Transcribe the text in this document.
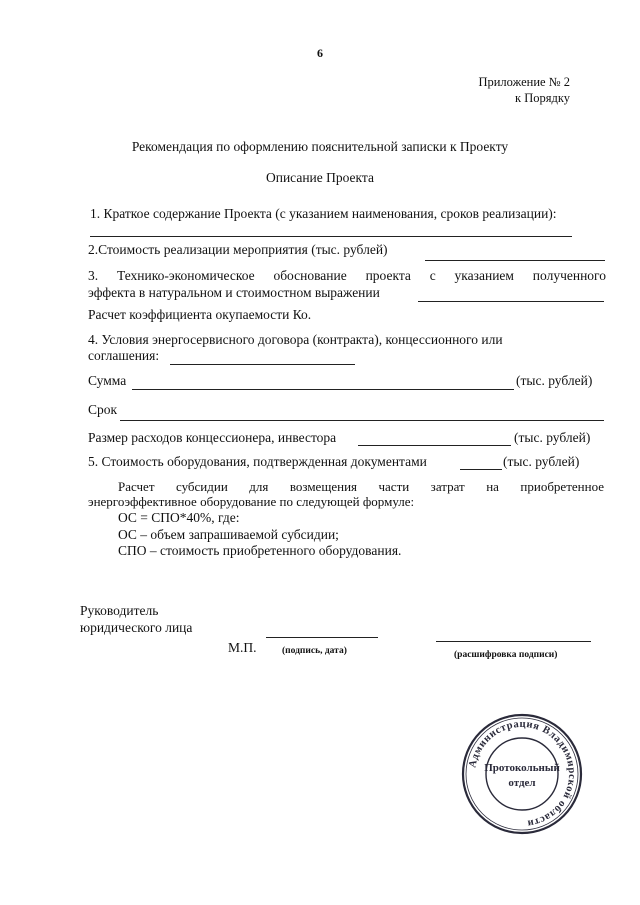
6
Приложение № 2
к Порядку
Рекомендация по оформлению пояснительной записки к Проекту
Описание Проекта
1. Краткое содержание Проекта (с указанием наименования, сроков реализации):
2.Стоимость реализации мероприятия (тыс. рублей)
3. Технико-экономическое обоснование проекта с указанием полученного
эффекта в натуральном и стоимостном выражении
Расчет коэффициента окупаемости Ко.
4. Условия энергосервисного договора (контракта), концессионного или
соглашения:
Сумма	(тыс. рублей)
Срок
Размер расходов концессионера, инвестора	(тыс. рублей)
5. Стоимость оборудования, подтвержденная документами	(тыс. рублей)
Расчет субсидии для возмещения части затрат на приобретенное
энергоэффективное оборудование по следующей формуле:
ОС = СПО*40%, где:
ОС – объем запрашиваемой субсидии;
СПО – стоимость приобретенного оборудования.
Руководитель
юридического лица
М.П.	(подпись, дата)	(расшифровка подписи)
Администрация Владимирской области
Протокольный
отдел
